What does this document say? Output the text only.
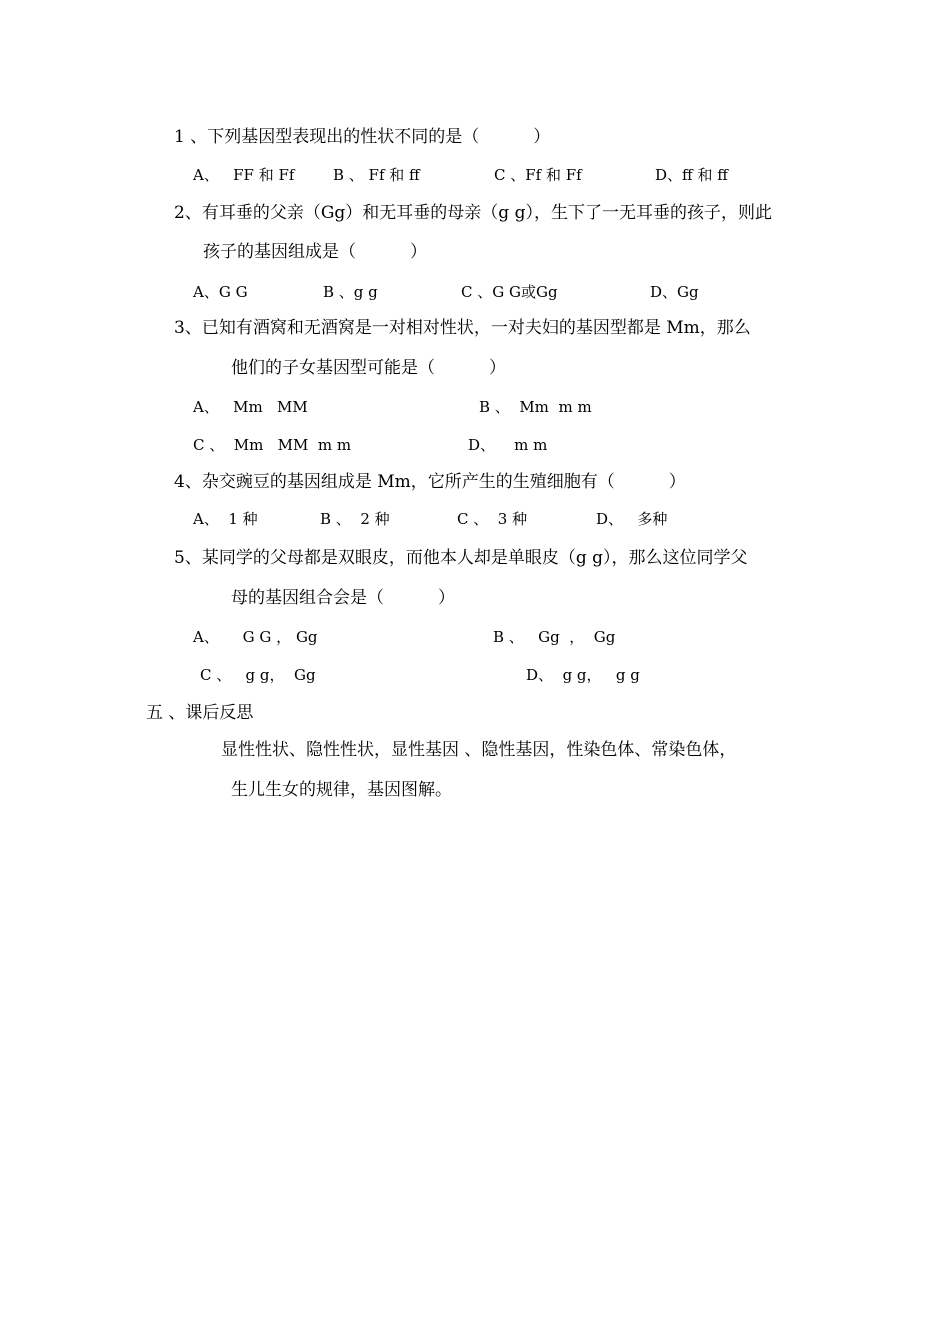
1 、下列基因型表现出的性状不同的是（          ）
A、   FF 和 Ff	B 、 Ff 和 ff	C 、Ff 和 Ff	D、ff 和 ff
2、有耳垂的父亲（Gg）和无耳垂的母亲（g g），生下了一无耳垂的孩子，则此
孩子的基因组成是（          ）
A、G G	B 、g g	C 、G G或Gg	D、Gg
3、已知有酒窝和无酒窝是一对相对性状，一对夫妇的基因型都是 Mm，那么
他们的子女基因型可能是（          ）
A、   Mm   MM	B 、  Mm  m m
C 、  Mm   MM  m m	D、    m m
4、杂交豌豆的基因组成是 Mm，它所产生的生殖细胞有（          ）
A、  1 种	B 、  2 种	C 、  3 种	D、   多种
5、某同学的父母都是双眼皮，而他本人却是单眼皮（g g），那么这位同学父
母的基因组合会是（          ）
A、     G G ， Gg	B 、   Gg  ，  Gg
C 、   g g，  Gg	D、  g g，   g g
五 、课后反思
显性性状、隐性性状，显性基因 、隐性基因，性染色体、常染色体，
生儿生女的规律，基因图解。
